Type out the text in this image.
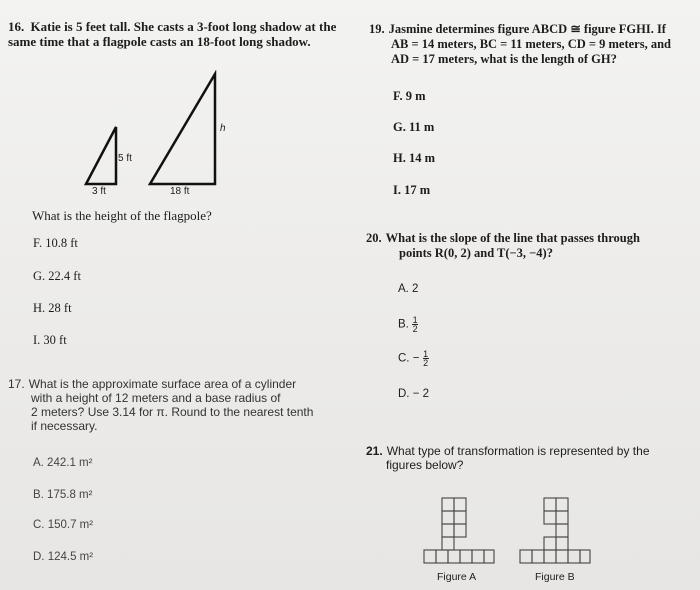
16. Katie is 5 feet tall. She casts a 3-foot long shadow at the same time that a flagpole casts an 18-foot long shadow.
5 ft
3 ft
h
18 ft
What is the height of the flagpole?
F. 10.8 ft
G. 22.4 ft
H. 28 ft
I. 30 ft
17. What is the approximate surface area of a cylinder
with a height of 12 meters and a base radius of
2 meters? Use 3.14 for π. Round to the nearest tenth
if necessary.
A. 242.1 m²
B. 175.8 m²
C. 150.7 m²
D. 124.5 m²
19. Jasmine determines figure ABCD ≅ figure FGHI. If
AB = 14 meters, BC = 11 meters, CD = 9 meters, and
AD = 17 meters, what is the length of GH?
F. 9 m
G. 11 m
H. 14 m
I. 17 m
20. What is the slope of the line that passes through
points R(0, 2) and T(−3, −4)?
A. 2
B. $\frac{1}{2}$
C. − $\frac{1}{2}$
D. − 2
21. What type of transformation is represented by the
figures below?
Figure A	Figure B
